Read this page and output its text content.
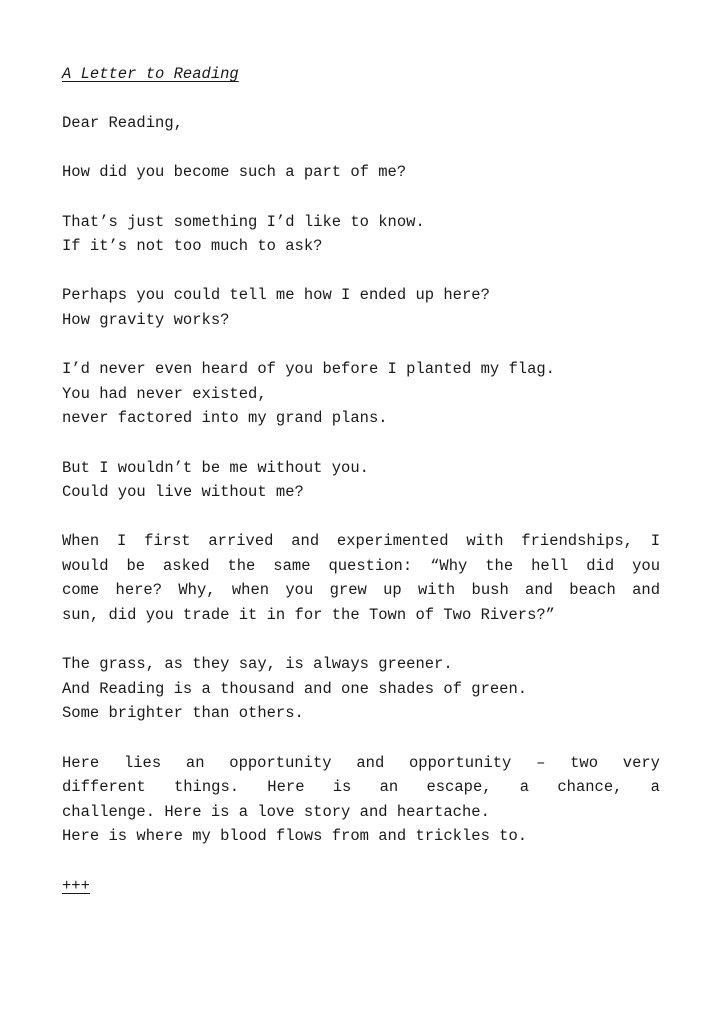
A Letter to Reading
Dear Reading,
How did you become such a part of me?
That’s just something I’d like to know.
If it’s not too much to ask?
Perhaps you could tell me how I ended up here?
How gravity works?
I’d never even heard of you before I planted my flag.
You had never existed,
never factored into my grand plans.
But I wouldn’t be me without you.
Could you live without me?
When I first arrived and experimented with friendships, I
would be asked the same question: “Why the hell did you
come here? Why, when you grew up with bush and beach and
sun, did you trade it in for the Town of Two Rivers?”
The grass, as they say, is always greener.
And Reading is a thousand and one shades of green.
Some brighter than others.
Here lies an opportunity and opportunity – two very
different things. Here is an escape, a chance, a
challenge. Here is a love story and heartache.
Here is where my blood flows from and trickles to.
+++
